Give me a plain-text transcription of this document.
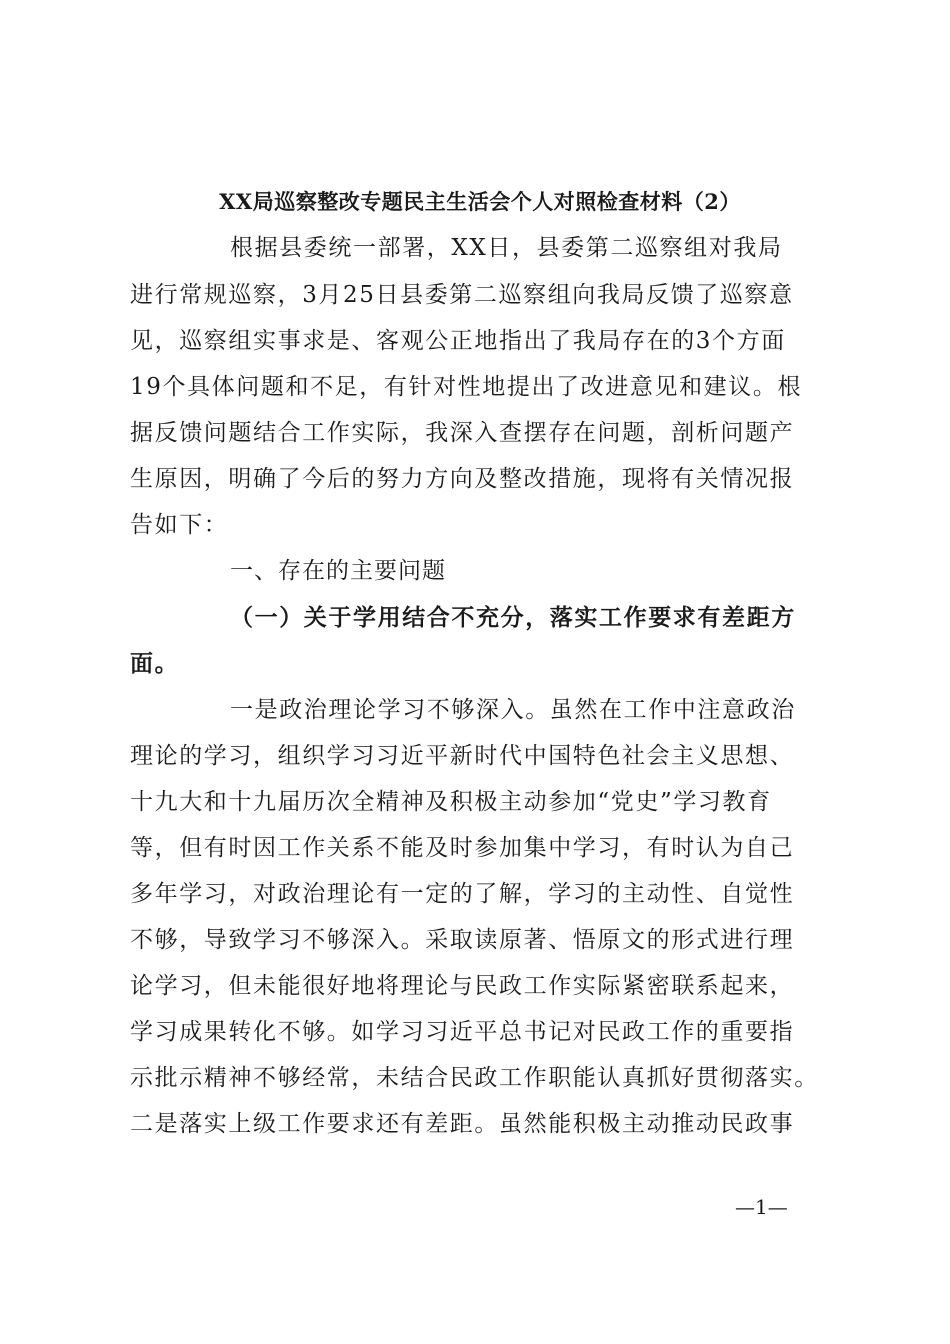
XX局巡察整改专题民主生活会个人对照检查材料（2）
根据县委统一部署，XX日，县委第二巡察组对我局
进行常规巡察，3月25日县委第二巡察组向我局反馈了巡察意
见，巡察组实事求是、客观公正地指出了我局存在的3个方面
19个具体问题和不足，有针对性地提出了改进意见和建议。根
据反馈问题结合工作实际，我深入查摆存在问题，剖析问题产
生原因，明确了今后的努力方向及整改措施，现将有关情况报
告如下：
一、存在的主要问题
（一）关于学用结合不充分，落实工作要求有差距方
面。
一是政治理论学习不够深入。虽然在工作中注意政治
理论的学习，组织学习习近平新时代中国特色社会主义思想、
十九大和十九届历次全精神及积极主动参加“党史”学习教育
等，但有时因工作关系不能及时参加集中学习，有时认为自己
多年学习，对政治理论有一定的了解，学习的主动性、自觉性
不够，导致学习不够深入。采取读原著、悟原文的形式进行理
论学习，但未能很好地将理论与民政工作实际紧密联系起来，
学习成果转化不够。如学习习近平总书记对民政工作的重要指
示批示精神不够经常，未结合民政工作职能认真抓好贯彻落实。
二是落实上级工作要求还有差距。虽然能积极主动推动民政事
—1—
